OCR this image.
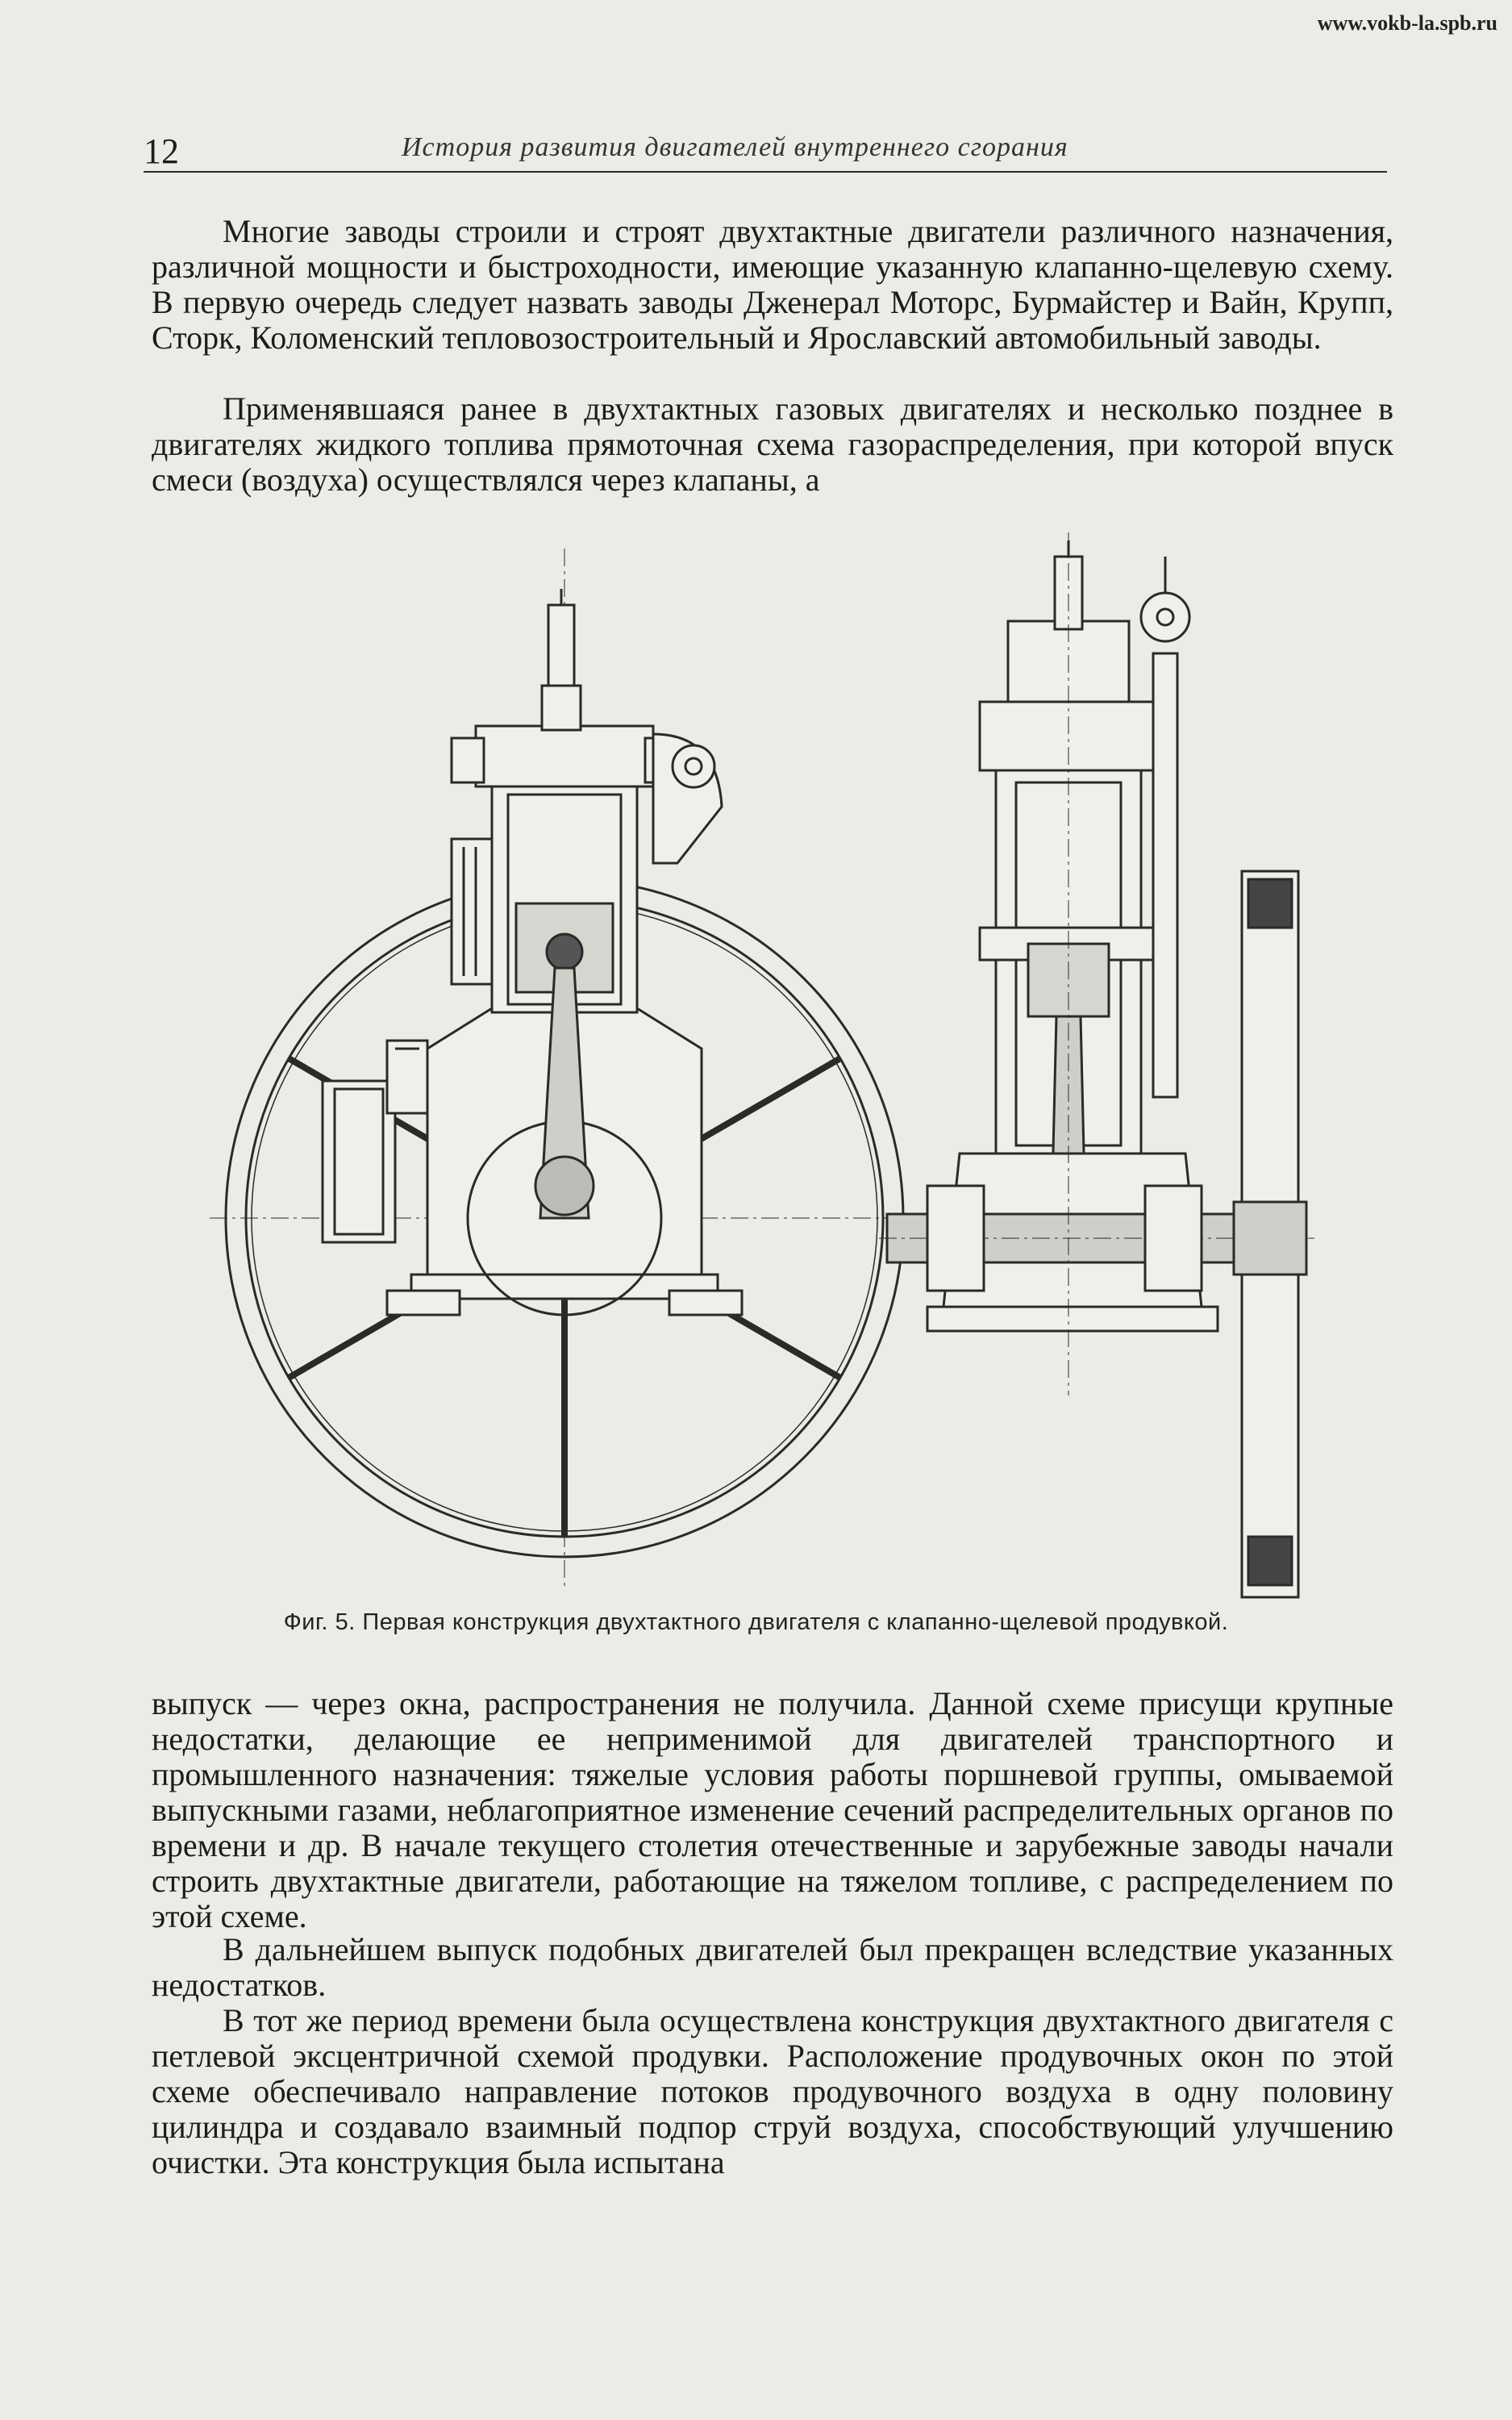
www.vokb-la.spb.ru
12	История развития двигателей внутреннего сгорания

Многие заводы строили и строят двухтактные двигатели различного назначения, различной мощности и быстроходности, имеющие указанную клапанно-щелевую схему. В первую очередь следует назвать заводы Дженерал Моторс, Бурмайстер и Вайн, Крупп, Сторк, Коломенский тепловозостроительный и Ярославский автомобильный заводы.

Применявшаяся ранее в двухтактных газовых двигателях и несколько позднее в двигателях жидкого топлива прямоточная схема газораспределения, при которой впуск смеси (воздуха) осуществлялся через клапаны, а

Фиг. 5. Первая конструкция двухтактного двигателя с клапанно-щелевой продувкой.

выпуск — через окна, распространения не получила. Данной схеме присущи крупные недостатки, делающие ее неприменимой для двигателей транспортного и промышленного назначения: тяжелые условия работы поршневой группы, омываемой выпускными газами, неблагоприятное изменение сечений распределительных органов по времени и др. В начале текущего столетия отечественные и зарубежные заводы начали строить двухтактные двигатели, работающие на тяжелом топливе, с распределением по этой схеме.

В дальнейшем выпуск подобных двигателей был прекращен вследствие указанных недостатков.

В тот же период времени была осуществлена конструкция двухтактного двигателя с петлевой эксцентричной схемой продувки. Расположение продувочных окон по этой схеме обеспечивало направление потоков продувочного воздуха в одну половину цилиндра и создавало взаимный подпор струй воздуха, способствующий улучшению очистки. Эта конструкция была испытана
